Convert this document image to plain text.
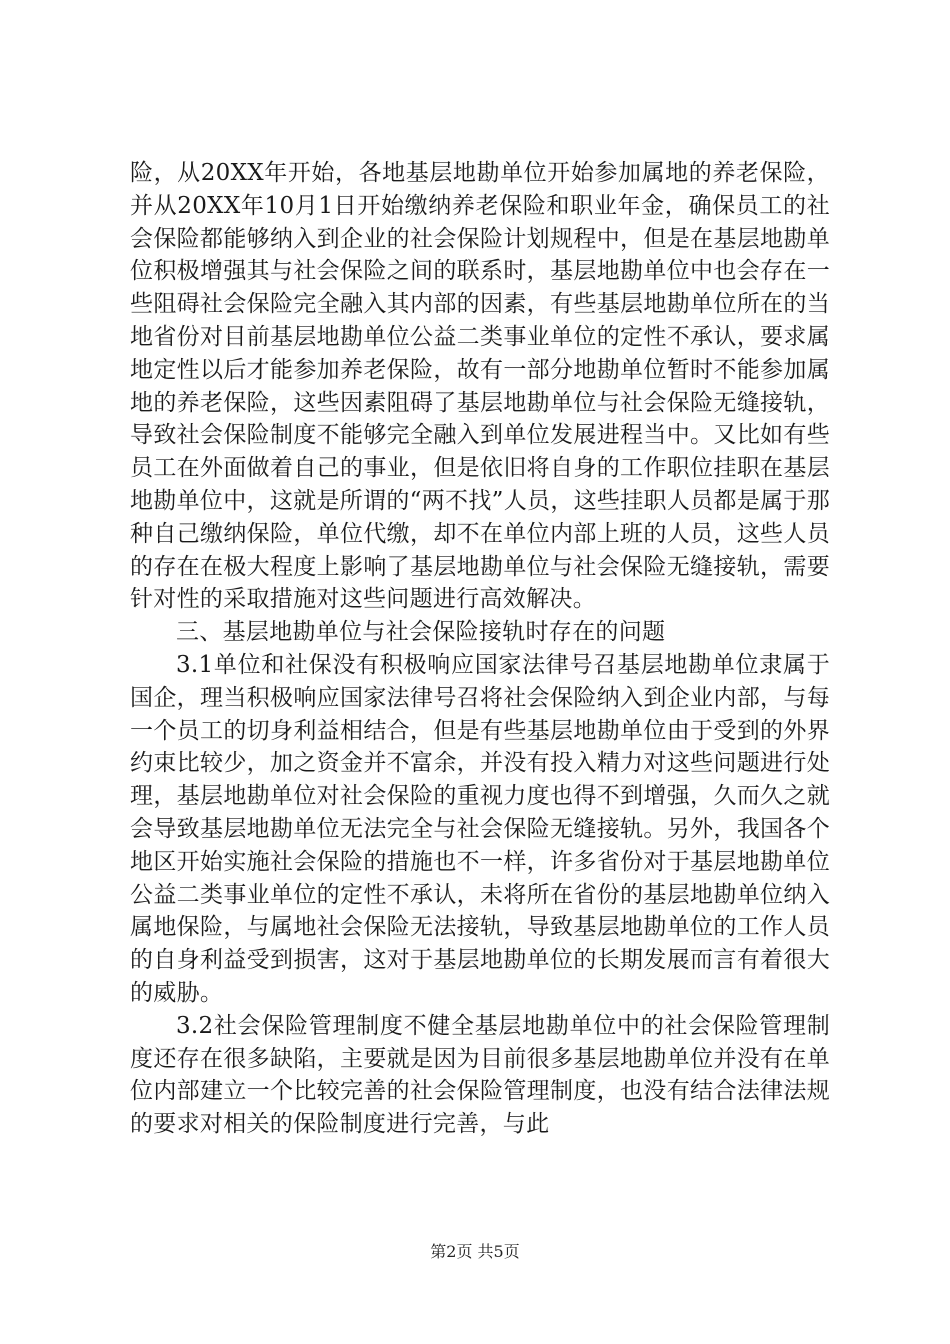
险，从20XX年开始，各地基层地勘单位开始参加属地的养老保险，并从20XX年10月1日开始缴纳养老保险和职业年金，确保员工的社会保险都能够纳入到企业的社会保险计划规程中，但是在基层地勘单位积极增强其与社会保险之间的联系时，基层地勘单位中也会存在一些阻碍社会保险完全融入其内部的因素，有些基层地勘单位所在的当地省份对目前基层地勘单位公益二类事业单位的定性不承认，要求属地定性以后才能参加养老保险，故有一部分地勘单位暂时不能参加属地的养老保险，这些因素阻碍了基层地勘单位与社会保险无缝接轨，导致社会保险制度不能够完全融入到单位发展进程当中。又比如有些员工在外面做着自己的事业，但是依旧将自身的工作职位挂职在基层地勘单位中，这就是所谓的“两不找”人员，这些挂职人员都是属于那种自己缴纳保险，单位代缴，却不在单位内部上班的人员，这些人员的存在在极大程度上影响了基层地勘单位与社会保险无缝接轨，需要针对性的采取措施对这些问题进行高效解决。

三、基层地勘单位与社会保险接轨时存在的问题

3.1单位和社保没有积极响应国家法律号召基层地勘单位隶属于国企，理当积极响应国家法律号召将社会保险纳入到企业内部，与每一个员工的切身利益相结合，但是有些基层地勘单位由于受到的外界约束比较少，加之资金并不富余，并没有投入精力对这些问题进行处理，基层地勘单位对社会保险的重视力度也得不到增强，久而久之就会导致基层地勘单位无法完全与社会保险无缝接轨。另外，我国各个地区开始实施社会保险的措施也不一样，许多省份对于基层地勘单位公益二类事业单位的定性不承认，未将所在省份的基层地勘单位纳入属地保险，与属地社会保险无法接轨，导致基层地勘单位的工作人员的自身利益受到损害，这对于基层地勘单位的长期发展而言有着很大的威胁。

3.2社会保险管理制度不健全基层地勘单位中的社会保险管理制度还存在很多缺陷，主要就是因为目前很多基层地勘单位并没有在单位内部建立一个比较完善的社会保险管理制度，也没有结合法律法规的要求对相关的保险制度进行完善，与此

第2页 共5页
